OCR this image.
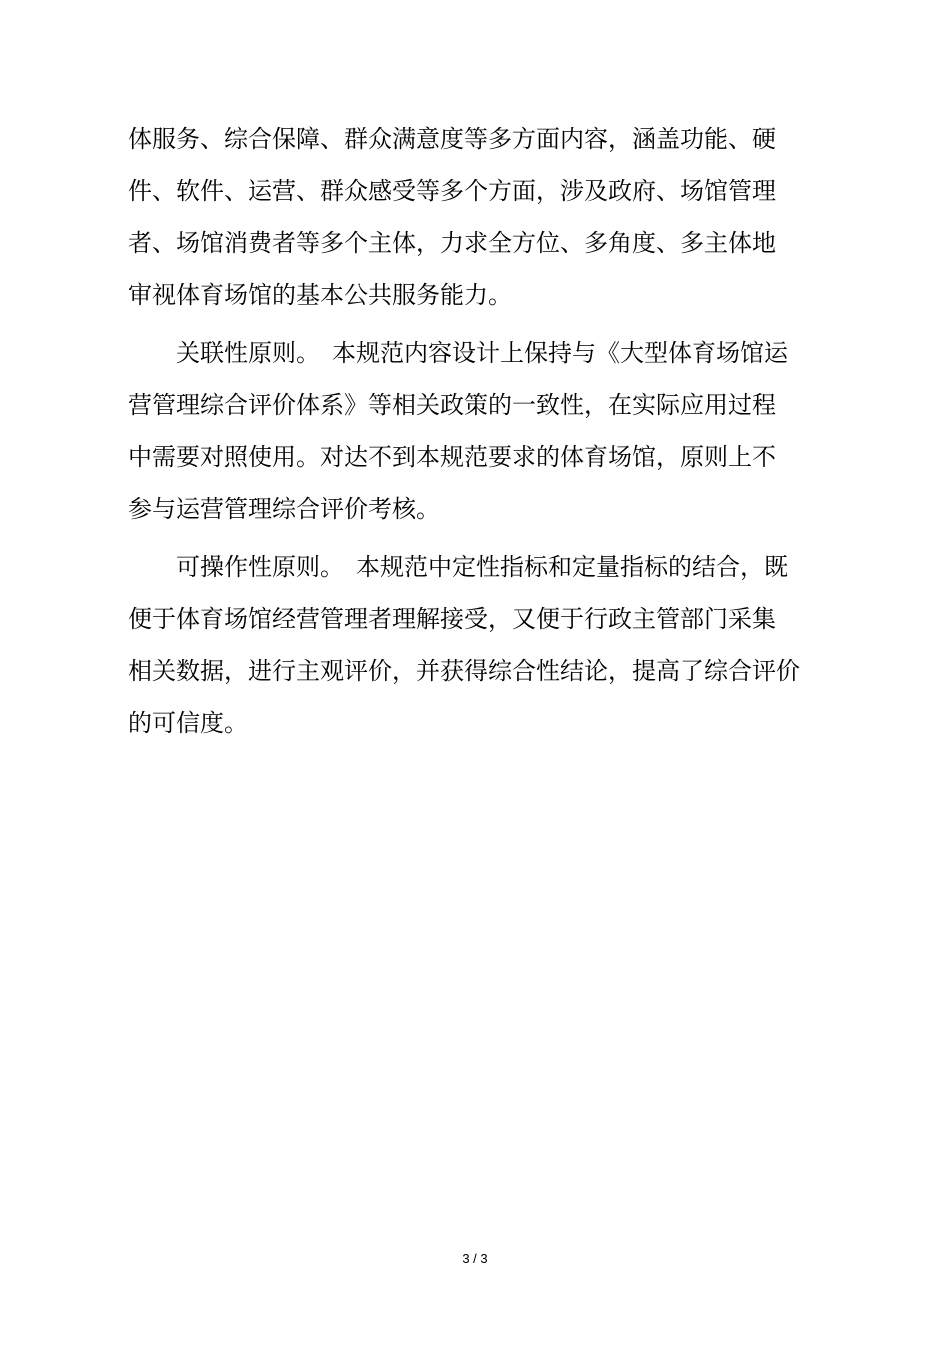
体服务、综合保障、群众满意度等多方面内容，涵盖功能、硬
件、软件、运营、群众感受等多个方面，涉及政府、场馆管理
者、场馆消费者等多个主体，力求全方位、多角度、多主体地
审视体育场馆的基本公共服务能力。
关联性原则。　本规范内容设计上保持与《大型体育场馆运
营管理综合评价体系》等相关政策的一致性，在实际应用过程
中需要对照使用。对达不到本规范要求的体育场馆，原则上不
参与运营管理综合评价考核。
可操作性原则。　本规范中定性指标和定量指标的结合，既
便于体育场馆经营管理者理解接受，又便于行政主管部门采集
相关数据，进行主观评价，并获得综合性结论，提高了综合评价
的可信度。
3 / 3
